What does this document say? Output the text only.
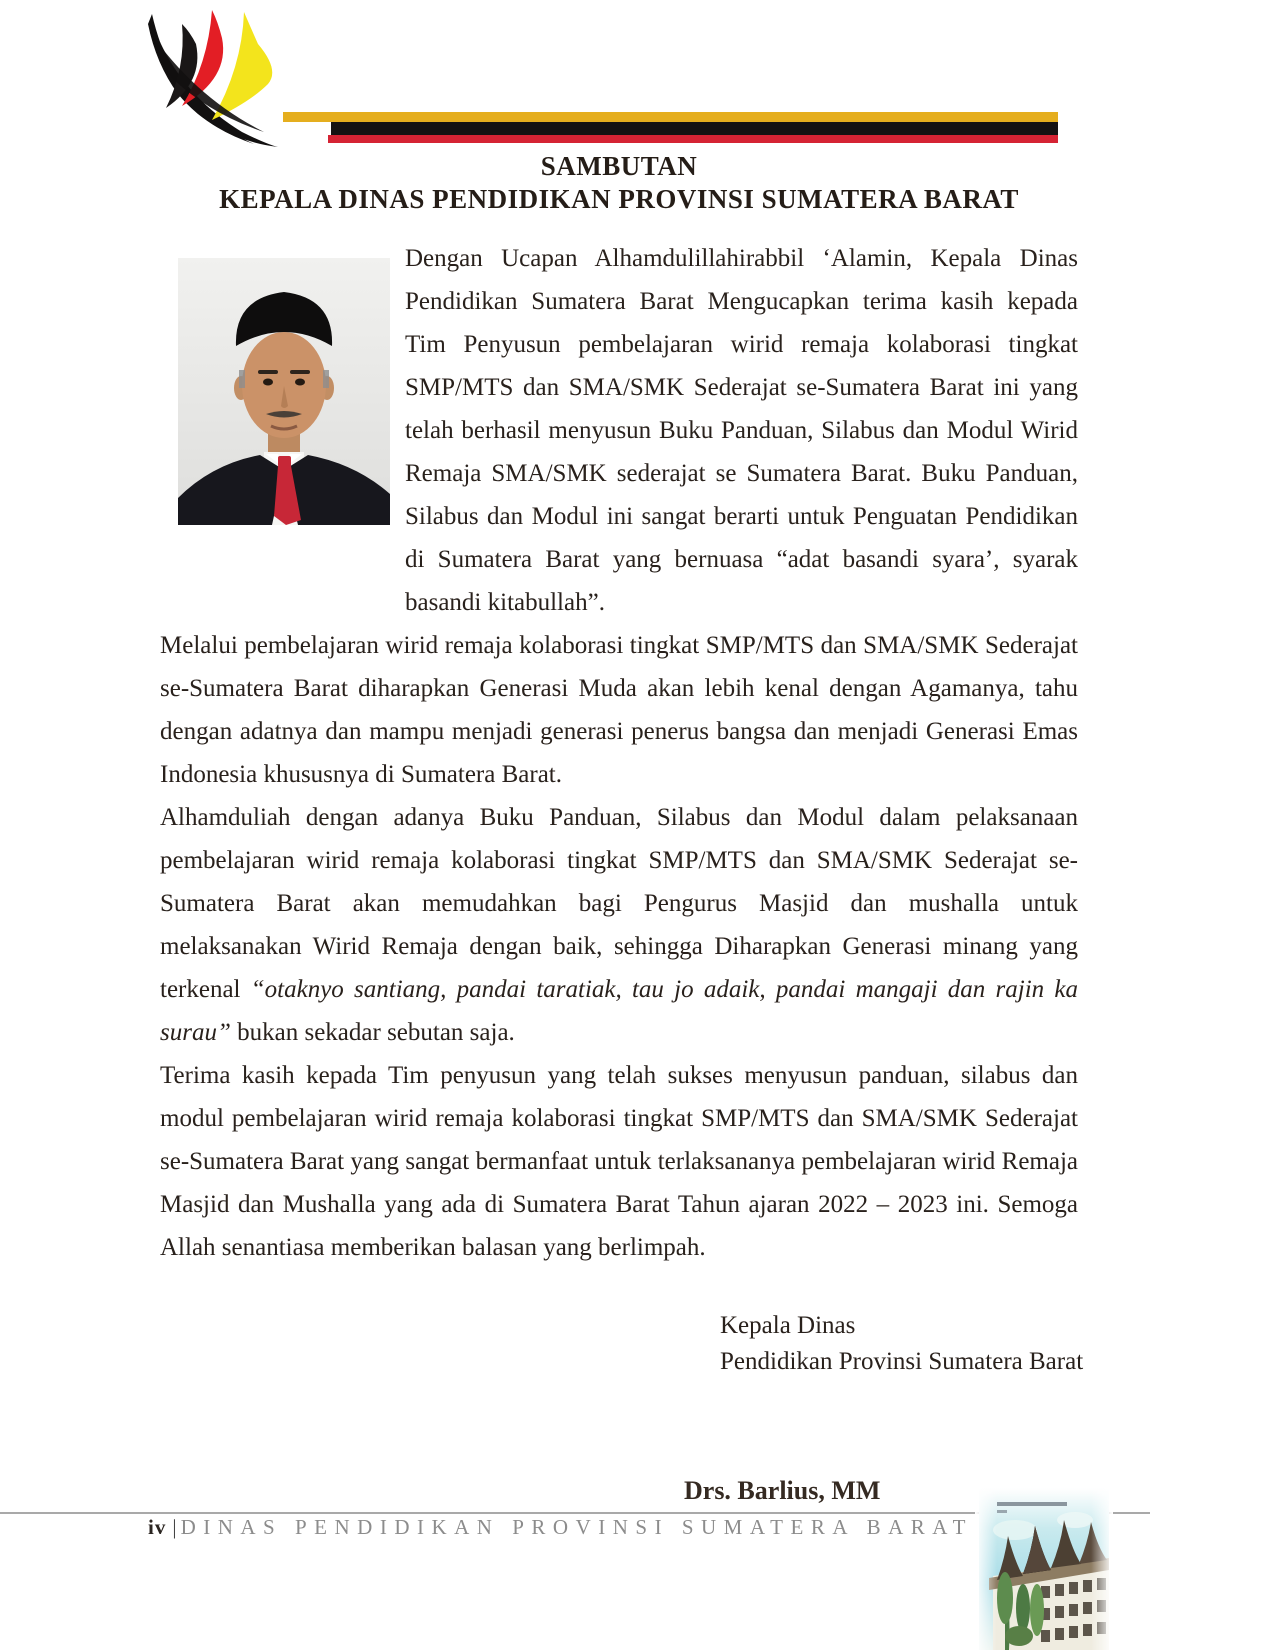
SAMBUTAN
KEPALA DINAS PENDIDIKAN PROVINSI SUMATERA BARAT

Dengan Ucapan Alhamdulillahirabbil ‘Alamin, Kepala Dinas Pendidikan Sumatera Barat Mengucapkan terima kasih kepada Tim Penyusun pembelajaran wirid remaja kolaborasi tingkat SMP/MTS dan SMA/SMK Sederajat se-Sumatera Barat ini yang telah berhasil menyusun Buku Panduan, Silabus dan Modul Wirid Remaja SMA/SMK sederajat se Sumatera Barat. Buku Panduan, Silabus dan Modul ini sangat berarti untuk Penguatan Pendidikan di Sumatera Barat yang bernuasa “adat basandi syara’, syarak basandi kitabullah”.

Melalui pembelajaran wirid remaja kolaborasi tingkat SMP/MTS dan SMA/SMK Sederajat se-Sumatera Barat diharapkan Generasi Muda akan lebih kenal dengan Agamanya, tahu dengan adatnya dan mampu menjadi generasi penerus bangsa dan menjadi Generasi Emas Indonesia khususnya di Sumatera Barat.

Alhamduliah dengan adanya Buku Panduan, Silabus dan Modul dalam pelaksanaan pembelajaran wirid remaja kolaborasi tingkat SMP/MTS dan SMA/SMK Sederajat se-Sumatera Barat akan memudahkan bagi Pengurus Masjid dan mushalla untuk melaksanakan Wirid Remaja dengan baik, sehingga Diharapkan Generasi minang yang terkenal “otaknyo santiang, pandai taratiak, tau jo adaik, pandai mangaji dan rajin ka surau” bukan sekadar sebutan saja.

Terima kasih kepada Tim penyusun yang telah sukses menyusun panduan, silabus dan modul pembelajaran wirid remaja kolaborasi tingkat SMP/MTS dan SMA/SMK Sederajat se-Sumatera Barat yang sangat bermanfaat untuk terlaksananya pembelajaran wirid Remaja Masjid dan Mushalla yang ada di Sumatera Barat Tahun ajaran 2022 – 2023 ini. Semoga Allah senantiasa memberikan balasan yang berlimpah.

Kepala Dinas
Pendidikan Provinsi Sumatera Barat
Drs. Barlius, MM
iv | DINAS PENDIDIKAN PROVINSI SUMATERA BARAT
